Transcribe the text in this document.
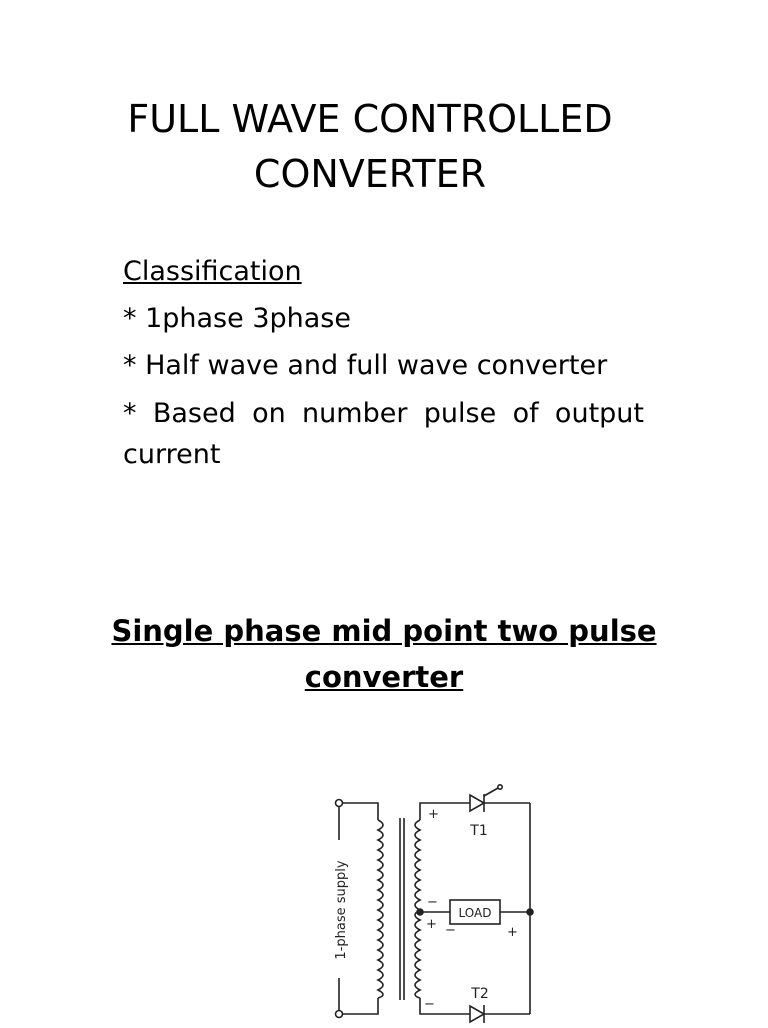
FULL WAVE CONTROLLED
CONVERTER
Classification
* 1phase 3phase
* Half wave and full wave converter
* Based on number pulse of output current
Single phase mid point two pulse
converter
1-phase supply	LOAD
T1
T2
+
+
+
−
−
−
